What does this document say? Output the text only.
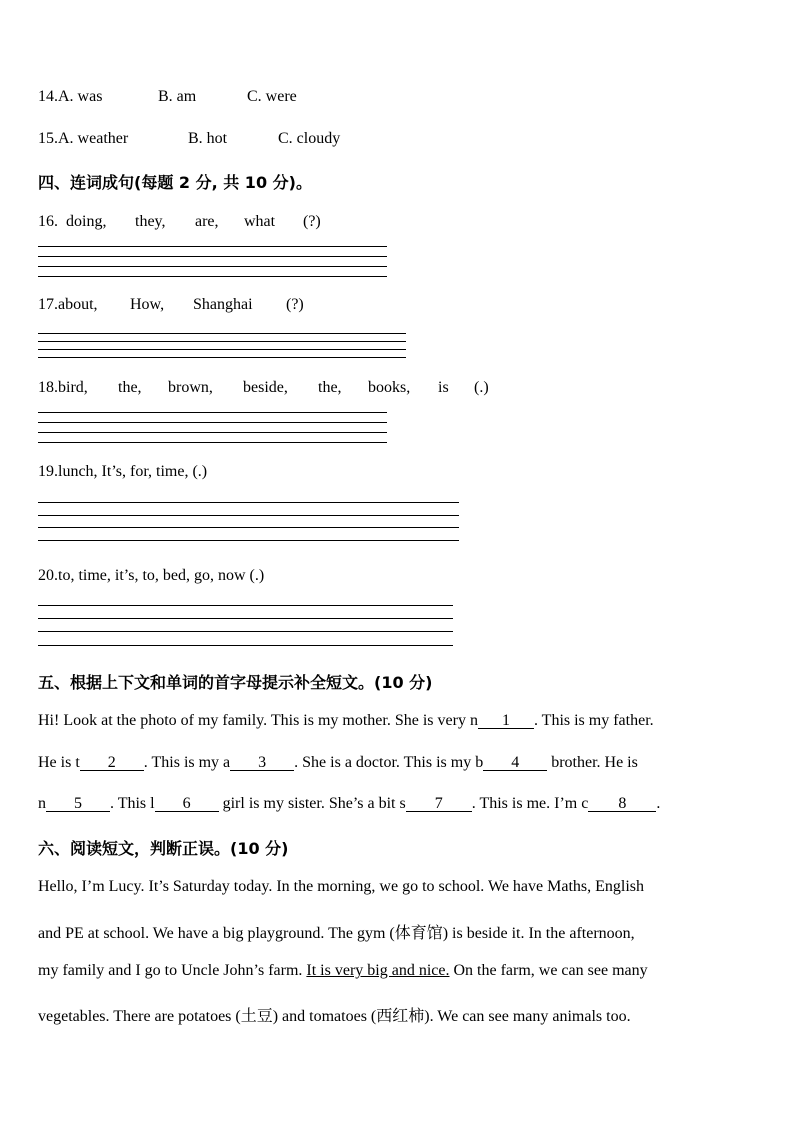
14.A. was	B. am	C. were
15.A. weather	B. hot	C. cloudy
四、连词成句(每题 2 分, 共 10 分)。
16. doing, they, are, what (?)
17.about, How, Shanghai (?)
18.bird, the, brown, beside, the, books, is (.)
19.lunch, It’s, for, time, (.)
20.to, time, it’s, to, bed, go, now (.)
五、根据上下文和单词的首字母提示补全短文。(10 分)
Hi! Look at the photo of my family. This is my mother. She is very n 1 . This is my father.
He is t 2 . This is my a 3 . She is a doctor. This is my b 4 brother. He is
n 5 . This l 6 girl is my sister. She’s a bit s 7 . This is me. I’m c 8 .
六、阅读短文，判断正误。(10 分)
Hello, I’m Lucy. It’s Saturday today. In the morning, we go to school. We have Maths, English
and PE at school. We have a big playground. The gym (体育馆) is beside it. In the afternoon,
my family and I go to Uncle John’s farm. It is very big and nice. On the farm, we can see many
vegetables. There are potatoes (土豆) and tomatoes (西红柿). We can see many animals too.
